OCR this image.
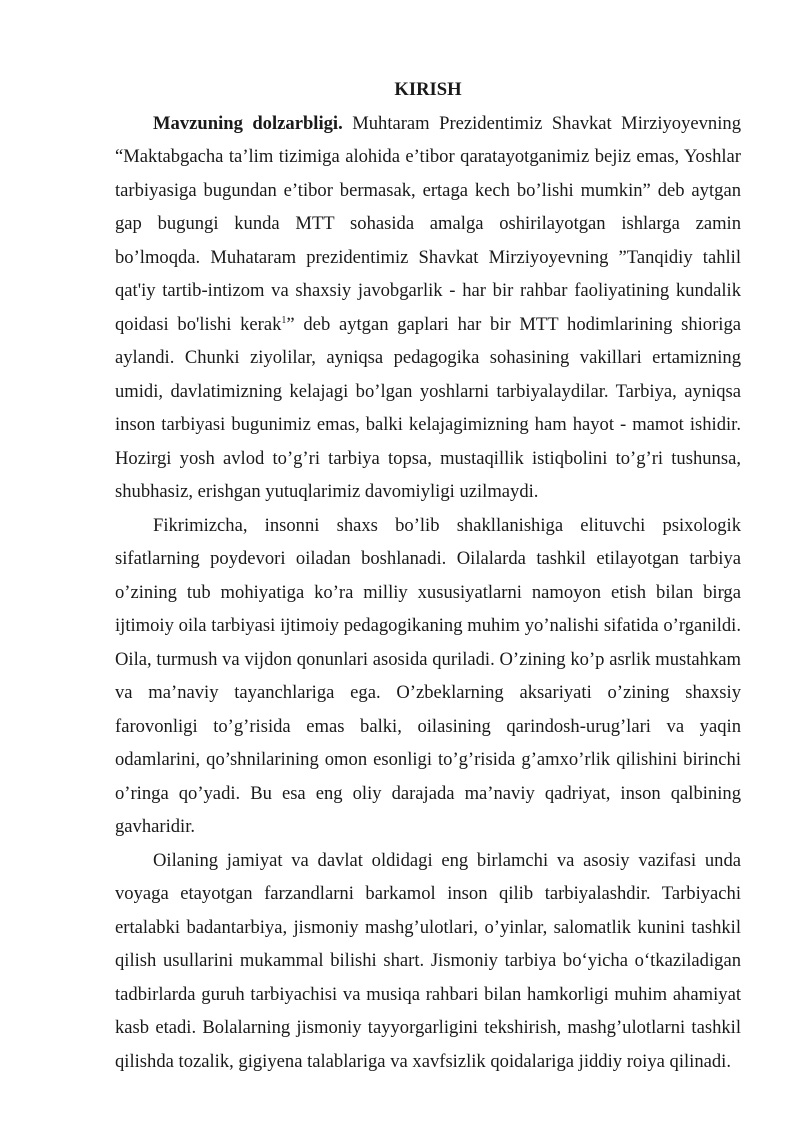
KIRISH

Mavzuning dolzarbligi. Muhtaram Prezidentimiz Shavkat Mirziyoyevning “Maktabgacha ta’lim tizimiga alohida e’tibor qaratayotganimiz bejiz emas, Yoshlar tarbiyasiga bugundan e’tibor bermasak, ertaga kech bo’lishi mumkin” deb aytgan gap bugungi kunda MTT sohasida amalga oshirilayotgan ishlarga zamin bo’lmoqda. Muhataram prezidentimiz Shavkat Mirziyoyevning ”Tanqidiy tahlil qat'iy tartib-intizom va shaxsiy javobgarlik - har bir rahbar faoliyatining kundalik qoidasi bo'lishi kerak$^1$” deb aytgan gaplari har bir MTT hodimlarining shioriga aylandi. Chunki ziyolilar, ayniqsa pedagogika sohasining vakillari ertamizning umidi, davlatimizning kelajagi bo’lgan yoshlarni tarbiyalaydilar. Tarbiya, ayniqsa inson tarbiyasi bugunimiz emas, balki kelajagimizning ham hayot - mamot ishidir. Hozirgi yosh avlod to’g’ri tarbiya topsa, mustaqillik istiqbolini to’g’ri tushunsa, shubhasiz, erishgan yutuqlarimiz davomiyligi uzilmaydi.

Fikrimizcha, insonni shaxs bo’lib shakllanishiga elituvchi psixologik sifatlarning poydevori oiladan boshlanadi. Oilalarda tashkil etilayotgan tarbiya o’zining tub mohiyatiga ko’ra milliy xususiyatlarni namoyon etish bilan birga ijtimoiy oila tarbiyasi ijtimoiy pedagogikaning muhim yo’nalishi sifatida o’rganildi. Oila, turmush va vijdon qonunlari asosida quriladi. O’zining ko’p asrlik mustahkam va ma’naviy tayanchlariga ega. O’zbeklarning aksariyati o’zining shaxsiy farovonligi to’g’risida emas balki, oilasining qarindosh-urug’lari va yaqin odamlarini, qo’shnilarining omon esonligi to’g’risida g’amxo’rlik qilishini birinchi o’ringa qo’yadi. Bu esa eng oliy darajada ma’naviy qadriyat, inson qalbining gavharidir.

Oilaning jamiyat va davlat oldidagi eng birlamchi va asosiy vazifasi unda voyaga etayotgan farzandlarni barkamol inson qilib tarbiyalashdir. Tarbiyachi ertalabki badantarbiya, jismoniy mashg’ulotlari, o’yinlar, salomatlik kunini tashkil qilish usullarini mukammal bilishi shart. Jismoniy tarbiya bo‘yicha o‘tkaziladigan tadbirlarda guruh tarbiyachisi va musiqa rahbari bilan hamkorligi muhim ahamiyat kasb etadi. Bolalarning jismoniy tayyorgarligini tekshirish, mashg’ulotlarni tashkil qilishda tozalik, gigiyena talablariga va xavfsizlik qoidalariga jiddiy roiya qilinadi.
